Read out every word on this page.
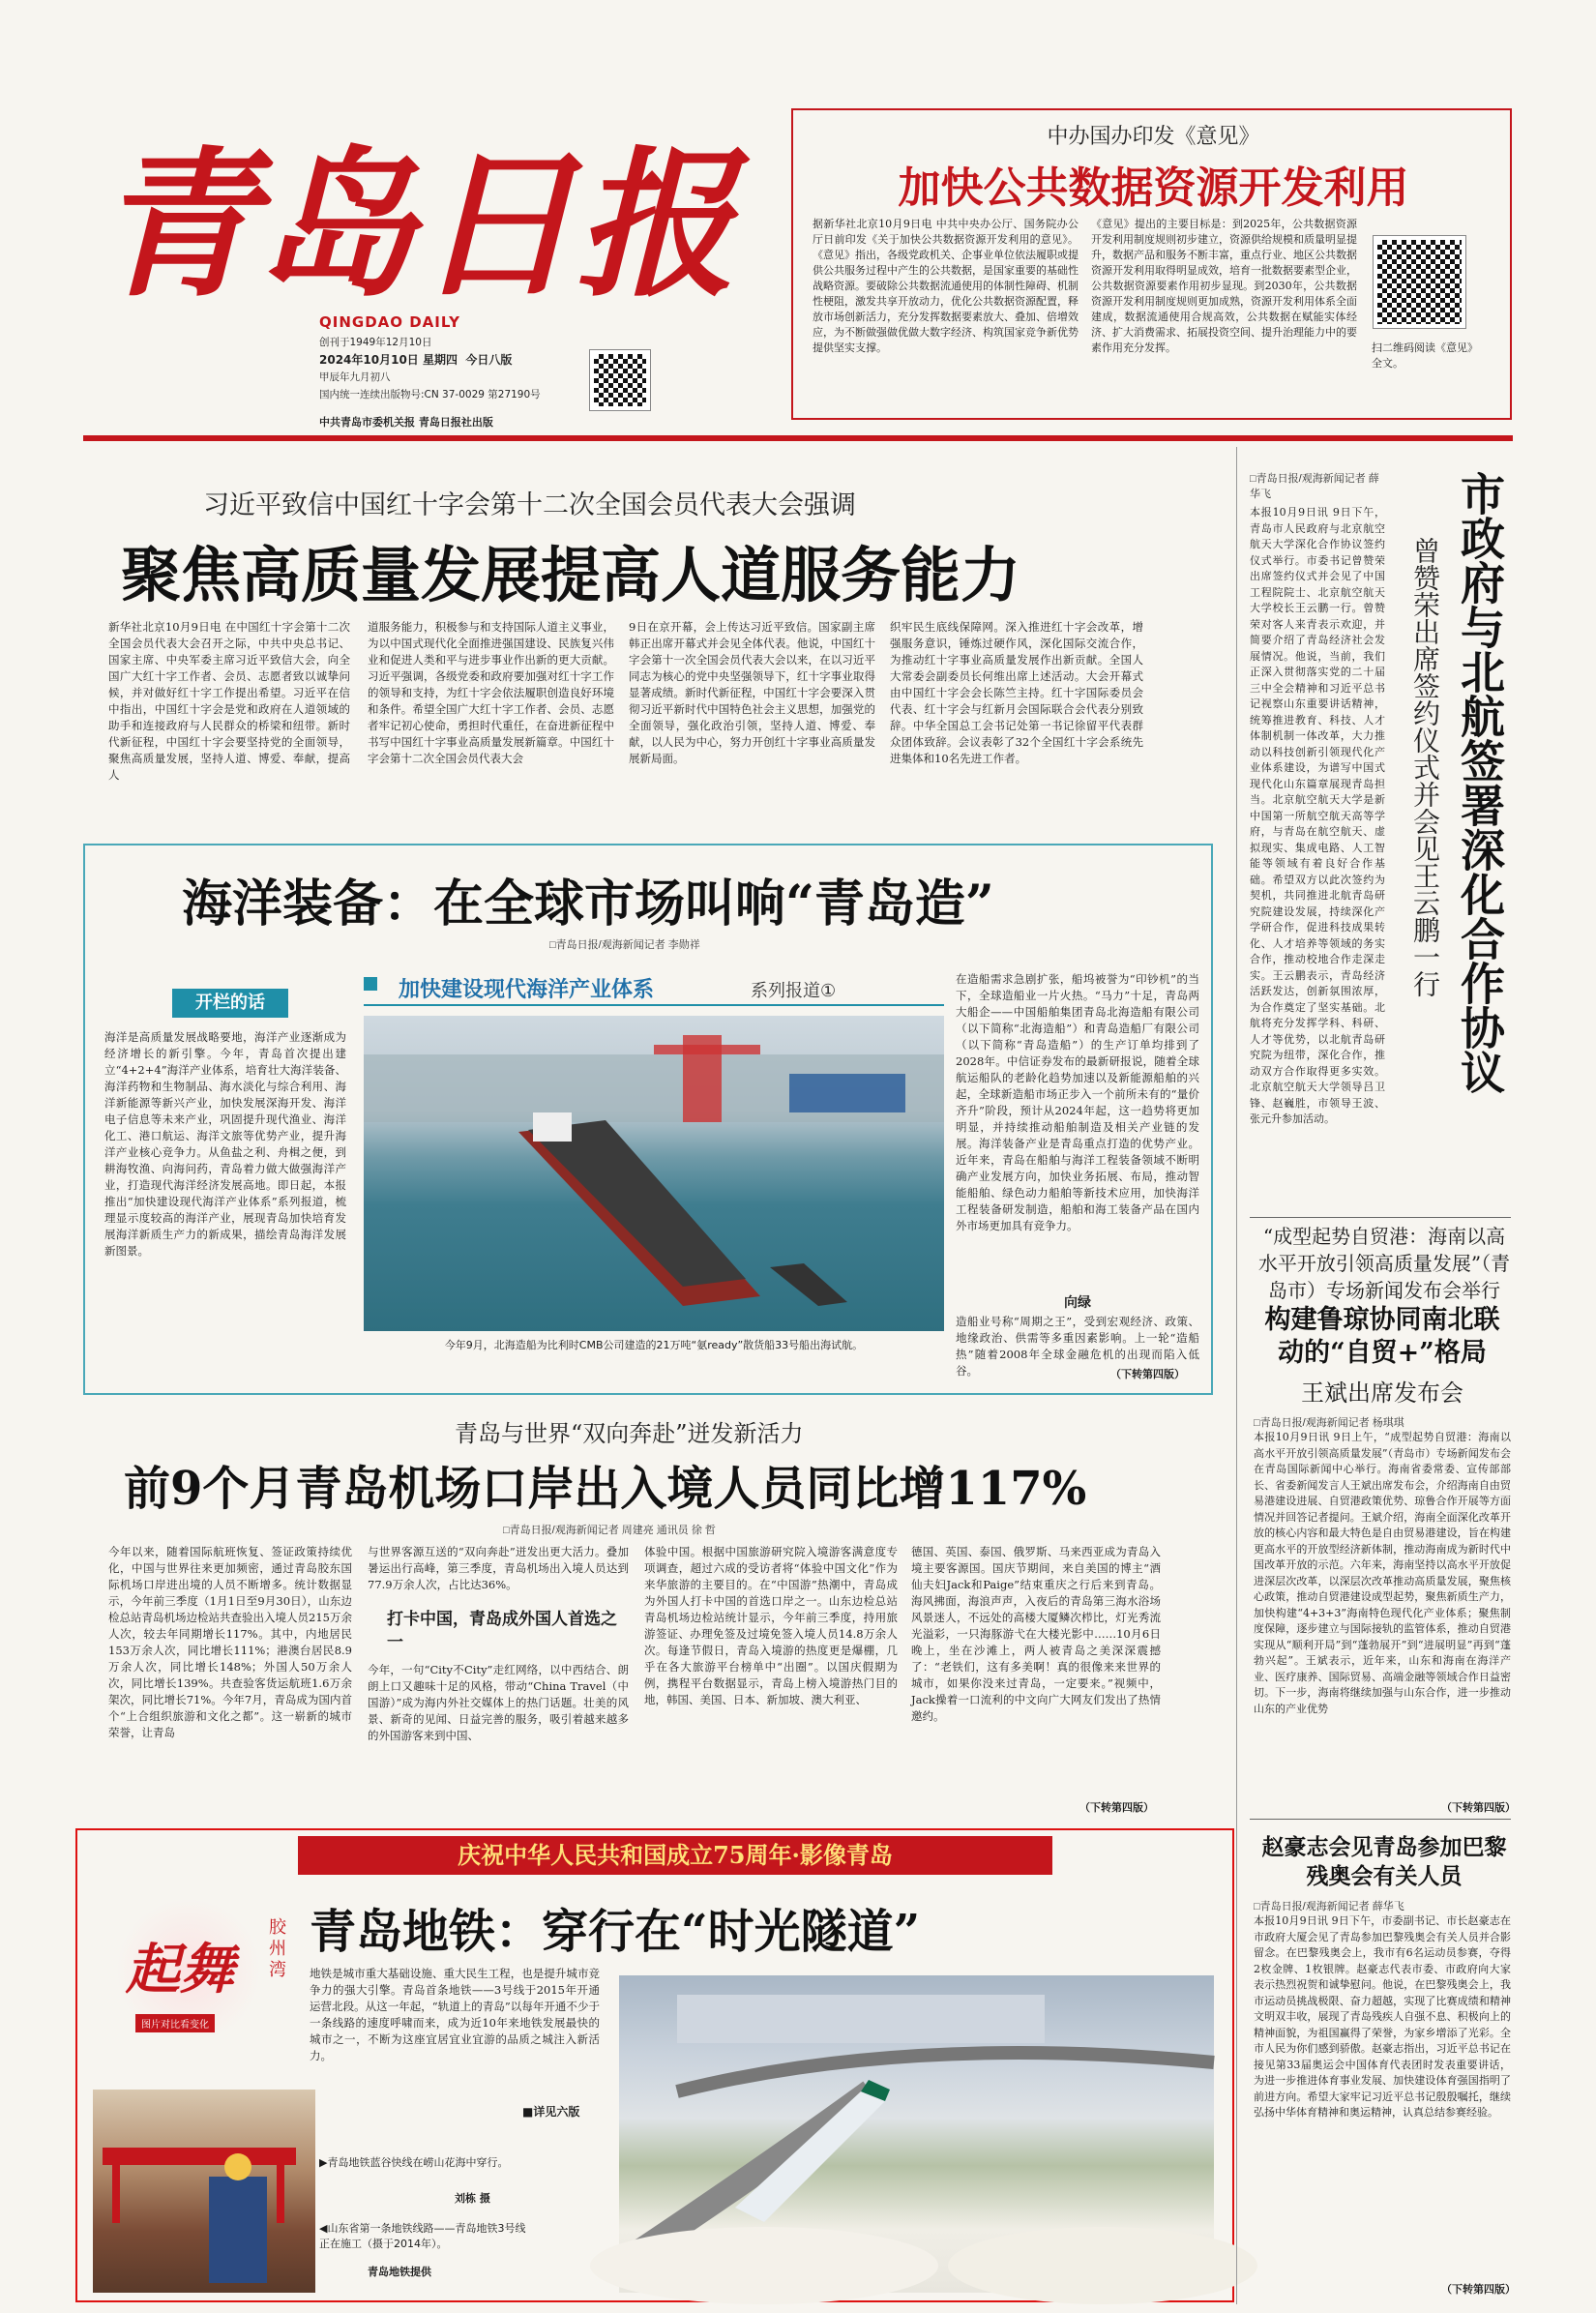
青岛日报
QINGDAO DAILY
创刊于1949年12月10日
2024年10月10日 星期四 今日八版
甲辰年九月初八
国内统一连续出版物号:CN 37-0029 第27190号
中共青岛市委机关报 青岛日报社出版
中办国办印发《意见》
加快公共数据资源开发利用
据新华社北京10月9日电 中共中央办公厅、国务院办公厅日前印发《关于加快公共数据资源开发利用的意见》。《意见》指出，各级党政机关、企事业单位依法履职或提供公共服务过程中产生的公共数据，是国家重要的基础性战略资源。要破除公共数据流通使用的体制性障碍、机制性梗阻，激发共享开放动力，优化公共数据资源配置，释放市场创新活力，充分发挥数据要素放大、叠加、倍增效应，为不断做强做优做大数字经济、构筑国家竞争新优势提供坚实支撑。
《意见》提出的主要目标是：到2025年，公共数据资源开发利用制度规则初步建立，资源供给规模和质量明显提升，数据产品和服务不断丰富，重点行业、地区公共数据资源开发利用取得明显成效，培育一批数据要素型企业，公共数据资源要素作用初步显现。到2030年，公共数据资源开发利用制度规则更加成熟，资源开发利用体系全面建成，数据流通使用合规高效，公共数据在赋能实体经济、扩大消费需求、拓展投资空间、提升治理能力中的要素作用充分发挥。	扫二维码阅读《意见》全文。
习近平致信中国红十字会第十二次全国会员代表大会强调
聚焦高质量发展提高人道服务能力
新华社北京10月9日电 在中国红十字会第十二次全国会员代表大会召开之际，中共中央总书记、国家主席、中央军委主席习近平致信大会，向全国广大红十字工作者、会员、志愿者致以诚挚问候，并对做好红十字工作提出希望。习近平在信中指出，中国红十字会是党和政府在人道领域的助手和连接政府与人民群众的桥梁和纽带。新时代新征程，中国红十字会要坚持党的全面领导，聚焦高质量发展，坚持人道、博爱、奉献，提高人
道服务能力，积极参与和支持国际人道主义事业，为以中国式现代化全面推进强国建设、民族复兴伟业和促进人类和平与进步事业作出新的更大贡献。习近平强调，各级党委和政府要加强对红十字工作的领导和支持，为红十字会依法履职创造良好环境和条件。希望全国广大红十字工作者、会员、志愿者牢记初心使命，勇担时代重任，在奋进新征程中书写中国红十字事业高质量发展新篇章。中国红十字会第十二次全国会员代表大会
9日在京开幕，会上传达习近平致信。国家副主席韩正出席开幕式并会见全体代表。他说，中国红十字会第十一次全国会员代表大会以来，在以习近平同志为核心的党中央坚强领导下，红十字事业取得显著成绩。新时代新征程，中国红十字会要深入贯彻习近平新时代中国特色社会主义思想，加强党的全面领导，强化政治引领，坚持人道、博爱、奉献，以人民为中心，努力开创红十字事业高质量发展新局面。
织牢民生底线保障网。深入推进红十字会改革，增强服务意识，锤炼过硬作风，深化国际交流合作，为推动红十字事业高质量发展作出新贡献。全国人大常委会副委员长何维出席上述活动。大会开幕式由中国红十字会会长陈竺主持。红十字国际委员会代表、红十字会与红新月会国际联合会代表分别致辞。中华全国总工会书记处第一书记徐留平代表群众团体致辞。会议表彰了32个全国红十字会系统先进集体和10名先进工作者。
海洋装备：在全球市场叫响“青岛造”
□青岛日报/观海新闻记者 李勋祥
开栏的话
海洋是高质量发展战略要地，海洋产业逐渐成为经济增长的新引擎。今年，青岛首次提出建立“4+2+4”海洋产业体系，培育壮大海洋装备、海洋药物和生物制品、海水淡化与综合利用、海洋新能源等新兴产业，加快发展深海开发、海洋电子信息等未来产业，巩固提升现代渔业、海洋化工、港口航运、海洋文旅等优势产业，提升海洋产业核心竞争力。从鱼盐之利、舟楫之便，到耕海牧渔、向海问药，青岛着力做大做强海洋产业，打造现代海洋经济发展高地。即日起，本报推出“加快建设现代海洋产业体系”系列报道，梳理显示度较高的海洋产业，展现青岛加快培育发展海洋新质生产力的新成果，描绘青岛海洋发展新图景。
加快建设现代海洋产业体系	系列报道①
今年9月，北海造船为比利时CMB公司建造的21万吨“氨ready”散货船33号船出海试航。
在造船需求急剧扩张，船坞被誉为“印钞机”的当下，全球造船业一片火热。“马力”十足，青岛两大船企——中国船舶集团青岛北海造船有限公司（以下简称“北海造船”）和青岛造船厂有限公司（以下简称“青岛造船”）的生产订单均排到了2028年。中信证券发布的最新研报说，随着全球航运船队的老龄化趋势加速以及新能源船舶的兴起，全球新造船市场正步入一个前所未有的“量价齐升”阶段，预计从2024年起，这一趋势将更加明显，并持续推动船舶制造及相关产业链的发展。海洋装备产业是青岛重点打造的优势产业。近年来，青岛在船舶与海洋工程装备领域不断明确产业发展方向，加快业务拓展、布局，推动智能船舶、绿色动力船舶等新技术应用，加快海洋工程装备研发制造，船舶和海工装备产品在国内外市场更加具有竞争力。
向绿
造船业号称“周期之王”，受到宏观经济、政策、地缘政治、供需等多重因素影响。上一轮“造船热”随着2008年全球金融危机的出现而陷入低谷。	（下转第四版）
青岛与世界“双向奔赴”迸发新活力
前9个月青岛机场口岸出入境人员同比增117%
□青岛日报/观海新闻记者 周建亮 通讯员 徐 哲
今年以来，随着国际航班恢复、签证政策持续优化，中国与世界往来更加频密，通过青岛胶东国际机场口岸进出境的人员不断增多。统计数据显示，今年前三季度（1月1日至9月30日），山东边检总站青岛机场边检站共查验出入境人员215万余人次，较去年同期增长117%。其中，内地居民153万余人次，同比增长111%；港澳台居民8.9万余人次，同比增长148%；外国人50万余人次，同比增长139%。共查验客货运航班1.6万余架次，同比增长71%。今年7月，青岛成为国内首个“上合组织旅游和文化之都”。这一崭新的城市荣誉，让青岛
与世界客源互送的“双向奔赴”迸发出更大活力。叠加暑运出行高峰，第三季度，青岛机场出入境人员达到77.9万余人次，占比达36%。
打卡中国，青岛成外国人首选之一
今年，一句“City不City”走红网络，以中西结合、朗朗上口又趣味十足的风格，带动“China Travel（中国游）”成为海内外社交媒体上的热门话题。壮美的风景、新奇的见闻、日益完善的服务，吸引着越来越多的外国游客来到中国、
体验中国。根据中国旅游研究院入境游客满意度专项调查，超过六成的受访者将“体验中国文化”作为来华旅游的主要目的。在“中国游”热潮中，青岛成为外国人打卡中国的首选口岸之一。山东边检总站青岛机场边检站统计显示，今年前三季度，持用旅游签证、办理免签及过境免签入境人员14.8万余人次。每逢节假日，青岛入境游的热度更是爆棚，几乎在各大旅游平台榜单中“出圈”。以国庆假期为例，携程平台数据显示，青岛上榜入境游热门目的地，韩国、美国、日本、新加坡、澳大利亚、
德国、英国、泰国、俄罗斯、马来西亚成为青岛入境主要客源国。国庆节期间，来自美国的博主“酒仙夫妇Jack和Paige”结束重庆之行后来到青岛。海风拂面，海浪声声，入夜后的青岛第三海水浴场风景迷人，不远处的高楼大厦鳞次栉比，灯光秀流光溢彩，一只海豚游弋在大楼光影中……10月6日晚上，坐在沙滩上，两人被青岛之美深深震撼了：“老铁们，这有多美啊！真的很像来来世界的城市，如果你没来过青岛，一定要来。”视频中，Jack操着一口流利的中文向广大网友们发出了热情邀约。
（下转第四版）
庆祝中华人民共和国成立75周年·影像青岛
起舞
胶州湾
图片对比看变化
青岛地铁：穿行在“时光隧道”
地铁是城市重大基础设施、重大民生工程，也是提升城市竞争力的强大引擎。青岛首条地铁——3号线于2015年开通运营北段。从这一年起，“轨道上的青岛”以每年开通不少于一条线路的速度呼啸而来，成为近10年来地铁发展最快的城市之一，不断为这座宜居宜业宜游的品质之城注入新活力。
■详见六版
▶青岛地铁蓝谷快线在崂山花海中穿行。
刘栋 摄
◀山东省第一条地铁线路——青岛地铁3号线正在施工（摄于2014年）。
青岛地铁提供
□青岛日报/观海新闻记者 薛华飞
本报10月9日讯 9日下午，青岛市人民政府与北京航空航天大学深化合作协议签约仪式举行。市委书记曾赞荣出席签约仪式并会见了中国工程院院士、北京航空航天大学校长王云鹏一行。曾赞荣对客人来青表示欢迎，并简要介绍了青岛经济社会发展情况。他说，当前，我们正深入贯彻落实党的二十届三中全会精神和习近平总书记视察山东重要讲话精神，统筹推进教育、科技、人才体制机制一体改革，大力推动以科技创新引领现代化产业体系建设，为谱写中国式现代化山东篇章展现青岛担当。北京航空航天大学是新中国第一所航空航天高等学府，与青岛在航空航天、虚拟现实、集成电路、人工智能等领域有着良好合作基础。希望双方以此次签约为契机，共同推进北航青岛研究院建设发展，持续深化产学研合作，促进科技成果转化、人才培养等领域的务实合作，推动校地合作走深走实。王云鹏表示，青岛经济活跃发达，创新氛围浓厚，为合作奠定了坚实基础。北航将充分发挥学科、科研、人才等优势，以北航青岛研究院为纽带，深化合作，推动双方合作取得更多实效。北京航空航天大学领导吕卫锋、赵巍胜，市领导王波、张元升参加活动。
市政府与北航签署深化合作协议
曾赞荣出席签约仪式并会见王云鹏一行
“成型起势自贸港：海南以高水平开放引领高质量发展”（青岛市）专场新闻发布会举行
构建鲁琼协同南北联动的“自贸+”格局
王斌出席发布会
□青岛日报/观海新闻记者 杨琪琪
本报10月9日讯 9日上午，“成型起势自贸港：海南以高水平开放引领高质量发展”（青岛市）专场新闻发布会在青岛国际新闻中心举行。海南省委常委、宣传部部长、省委新闻发言人王斌出席发布会，介绍海南自由贸易港建设进展、自贸港政策优势、琼鲁合作开展等方面情况并回答记者提问。王斌介绍，海南全面深化改革开放的核心内容和最大特色是自由贸易港建设，旨在构建更高水平的开放型经济新体制，推动海南成为新时代中国改革开放的示范。六年来，海南坚持以高水平开放促进深层次改革，以深层次改革推动高质量发展，聚焦核心政策，推动自贸港建设成型起势，聚焦新质生产力，加快构建“4+3+3”海南特色现代化产业体系；聚焦制度保障，逐步建立与国际接轨的监管体系，推动自贸港实现从“顺利开局”到“蓬勃展开”到“进展明显”再到“蓬勃兴起”。王斌表示，近年来，山东和海南在海洋产业、医疗康养、国际贸易、高端金融等领域合作日益密切。下一步，海南将继续加强与山东合作，进一步推动山东的产业优势
（下转第四版）
赵豪志会见青岛参加巴黎残奥会有关人员
□青岛日报/观海新闻记者 薛华飞
本报10月9日讯 9日下午，市委副书记、市长赵豪志在市政府大厦会见了青岛参加巴黎残奥会有关人员并合影留念。在巴黎残奥会上，我市有6名运动员参赛，夺得2枚金牌、1枚银牌。赵豪志代表市委、市政府向大家表示热烈祝贺和诚挚慰问。他说，在巴黎残奥会上，我市运动员挑战极限、奋力超越，实现了比赛成绩和精神文明双丰收，展现了青岛残疾人自强不息、积极向上的精神面貌，为祖国赢得了荣誉，为家乡增添了光彩。全市人民为你们感到骄傲。赵豪志指出，习近平总书记在接见第33届奥运会中国体育代表团时发表重要讲话，为进一步推进体育事业发展、加快建设体育强国指明了前进方向。希望大家牢记习近平总书记殷殷嘱托，继续弘扬中华体育精神和奥运精神，认真总结参赛经验。
（下转第四版）
